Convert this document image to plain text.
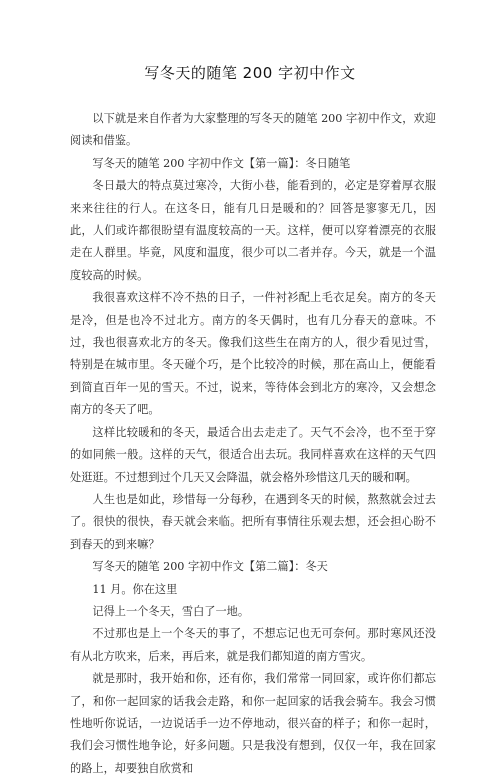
写冬天的随笔 200 字初中作文

以下就是来自作者为大家整理的写冬天的随笔 200 字初中作文，欢迎阅读和借鉴。

写冬天的随笔 200 字初中作文【第一篇】：冬日随笔

冬日最大的特点莫过寒冷，大街小巷，能看到的，必定是穿着厚衣服来来往往的行人。在这冬日，能有几日是暖和的？回答是寥寥无几，因此，人们或许都很盼望有温度较高的一天。这样，便可以穿着漂亮的衣服走在人群里。毕竟，风度和温度，很少可以二者并存。今天，就是一个温度较高的时候。

我很喜欢这样不冷不热的日子，一件衬衫配上毛衣足矣。南方的冬天是冷，但是也冷不过北方。南方的冬天偶时，也有几分春天的意味。不过，我也很喜欢北方的冬天。像我们这些生在南方的人，很少看见过雪，特别是在城市里。冬天碰个巧，是个比较冷的时候，那在高山上，便能看到简直百年一见的雪天。不过，说来，等待体会到北方的寒冷，又会想念南方的冬天了吧。

这样比较暖和的冬天，最适合出去走走了。天气不会冷，也不至于穿的如同熊一般。这样的天气，很适合出去玩。我同样喜欢在这样的天气四处逛逛。不过想到过个几天又会降温，就会格外珍惜这几天的暖和啊。

人生也是如此，珍惜每一分每秒，在遇到冬天的时候，熬熬就会过去了。很快的很快，春天就会来临。把所有事情往乐观去想，还会担心盼不到春天的到来嘛？

写冬天的随笔 200 字初中作文【第二篇】：冬天

11 月。你在这里

记得上一个冬天，雪白了一地。

不过那也是上一个冬天的事了，不想忘记也无可奈何。那时寒风还没有从北方吹来，后来，再后来，就是我们都知道的南方雪灾。

就是那时，我开始和你，还有你，我们常常一同回家，或许你们都忘了，和你一起回家的话我会走路，和你一起回家的话我会骑车。我会习惯性地听你说话，一边说话手一边不停地动，很兴奋的样子；和你一起时，我们会习惯性地争论，好多问题。只是我没有想到，仅仅一年，我在回家的路上，却要独自欣赏和
